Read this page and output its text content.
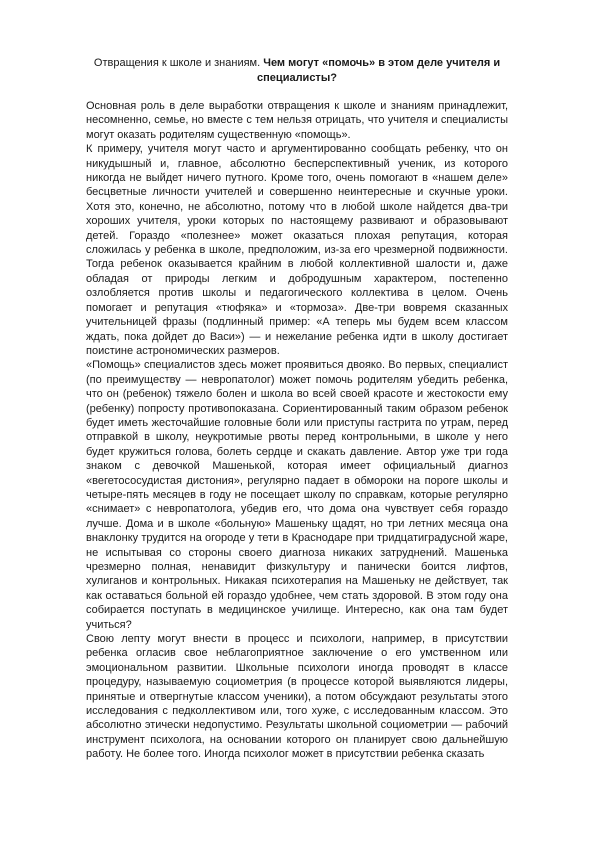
Отвращения к школе и знаниям. Чем могут «помочь» в этом деле учителя и специалисты?

Основная роль в деле выработки отвращения к школе и знаниям принадлежит, несомненно, семье, но вместе с тем нельзя отрицать, что учителя и специалисты могут оказать родителям существенную «помощь».

К примеру, учителя могут часто и аргументированно сообщать ребенку, что он никудышный и, главное, абсолютно бесперспективный ученик, из которого никогда не выйдет ничего путного. Кроме того, очень помогают в «нашем деле» бесцветные личности учителей и совершенно неинтересные и скучные уроки. Хотя это, конечно, не абсолютно, потому что в любой школе найдется два-три хороших учителя, уроки которых по настоящему развивают и образовывают детей. Гораздо «полезнее» может оказаться плохая репутация, которая сложилась у ребенка в школе, предположим, из-за его чрезмерной подвижности. Тогда ребенок оказывается крайним в любой коллективной шалости и, даже обладая от природы легким и добродушным характером, постепенно озлобляется против школы и педагогического коллектива в целом. Очень помогает и репутация «тюфяка» и «тормоза». Две-три вовремя сказанных учительницей фразы (подлинный пример: «А теперь мы будем всем классом ждать, пока дойдет до Васи») — и нежелание ребенка идти в школу достигает поистине астрономических размеров.

«Помощь» специалистов здесь может проявиться двояко. Во первых, специалист (по преимуществу — невропатолог) может помочь родителям убедить ребенка, что он (ребенок) тяжело болен и школа во всей своей красоте и жестокости ему (ребенку) попросту противопоказана. Сориентированный таким образом ребенок будет иметь жесточайшие головные боли или приступы гастрита по утрам, перед отправкой в школу, неукротимые рвоты перед контрольными, в школе у него будет кружиться голова, болеть сердце и скакать давление. Автор уже три года знаком с девочкой Машенькой, которая имеет официальный диагноз «вегетососудистая дистония», регулярно падает в обмороки на пороге школы и четыре-пять месяцев в году не посещает школу по справкам, которые регулярно «снимает» с невропатолога, убедив его, что дома она чувствует себя гораздо лучше. Дома и в школе «больную» Машеньку щадят, но три летних месяца она внаклонку трудится на огороде у тети в Краснодаре при тридцатиградусной жаре, не испытывая со стороны своего диагноза никаких затруднений. Машенька чрезмерно полная, ненавидит физкультуру и панически боится лифтов, хулиганов и контрольных. Никакая психотерапия на Машеньку не действует, так как оставаться больной ей гораздо удобнее, чем стать здоровой. В этом году она собирается поступать в медицинское училище. Интересно, как она там будет учиться?

Свою лепту могут внести в процесс и психологи, например, в присутствии ребенка огласив свое неблагоприятное заключение о его умственном или эмоциональном развитии. Школьные психологи иногда проводят в классе процедуру, называемую социометрия (в процессе которой выявляются лидеры, принятые и отвергнутые классом ученики), а потом обсуждают результаты этого исследования с педколлективом или, того хуже, с исследованным классом. Это абсолютно этически недопустимо. Результаты школьной социометрии — рабочий инструмент психолога, на основании которого он планирует свою дальнейшую работу. Не более того. Иногда психолог может в присутствии ребенка сказать
